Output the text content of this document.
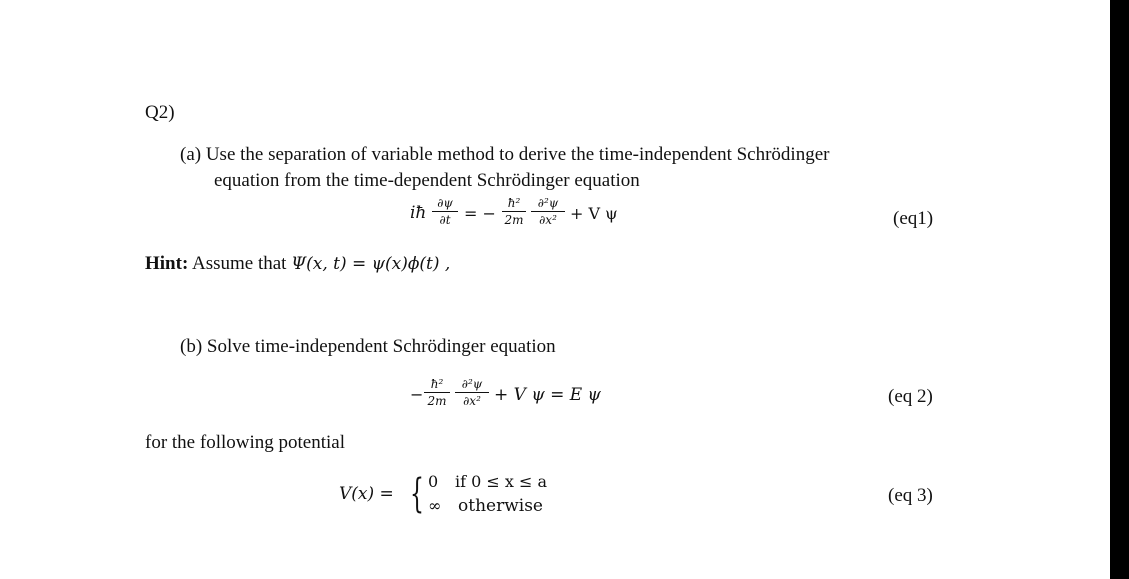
Q2)
(a) Use the separation of variable method to derive the time-independent Schrödinger
equation from the time-dependent Schrödinger equation
iħ ∂ψ
∂t = −
ħ²
2m
∂²ψ
∂x² + V ψ	(eq1)
Hint: Assume that Ψ(x, t) = ψ(x)ϕ(t) ,
(b) Solve time-independent Schrödinger equation
−
ħ²
2m
∂²ψ
∂x² + V ψ = E ψ	(eq 2)
for the following potential
V(x) = { 0 if 0 ≤ x ≤ a
∞ otherwise	(eq 3)
